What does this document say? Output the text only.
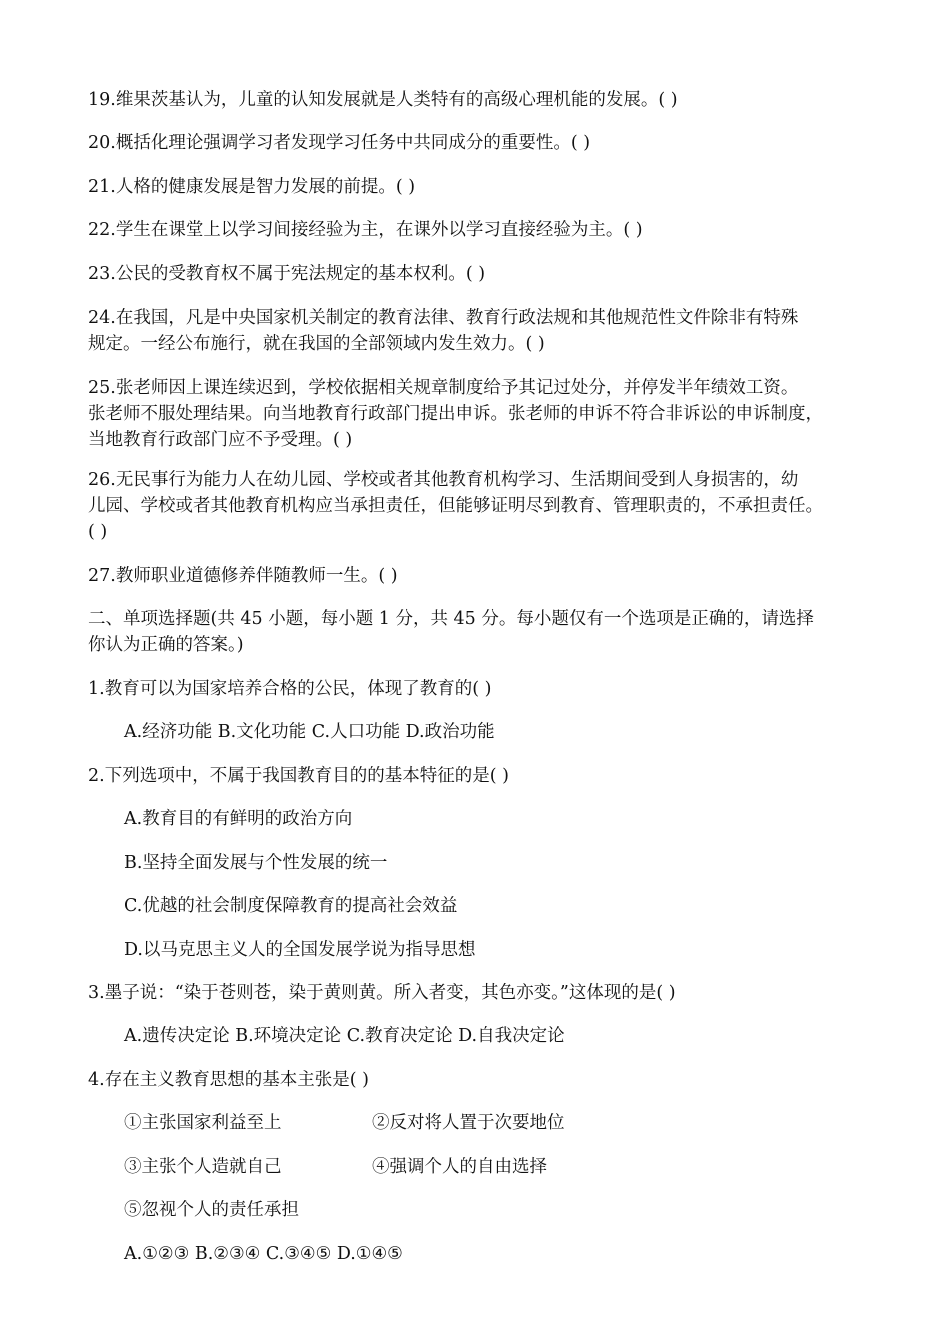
19.维果茨基认为，儿童的认知发展就是人类特有的高级心理机能的发展。( )

20.概括化理论强调学习者发现学习任务中共同成分的重要性。( )

21.人格的健康发展是智力发展的前提。( )

22.学生在课堂上以学习间接经验为主，在课外以学习直接经验为主。( )

23.公民的受教育权不属于宪法规定的基本权利。( )

24.在我国，凡是中央国家机关制定的教育法律、教育行政法规和其他规范性文件除非有特殊
规定。一经公布施行，就在我国的全部领域内发生效力。( )
25.张老师因上课连续迟到，学校依据相关规章制度给予其记过处分，并停发半年绩效工资。
张老师不服处理结果。向当地教育行政部门提出申诉。张老师的申诉不符合非诉讼的申诉制度，
当地教育行政部门应不予受理。( )
26.无民事行为能力人在幼儿园、学校或者其他教育机构学习、生活期间受到人身损害的，幼
儿园、学校或者其他教育机构应当承担责任，但能够证明尽到教育、管理职责的，不承担责任。
( )

27.教师职业道德修养伴随教师一生。( )

二、单项选择题(共 45 小题，每小题 1 分，共 45 分。每小题仅有一个选项是正确的，请选择
你认为正确的答案。)

1.教育可以为国家培养合格的公民，体现了教育的( )

A.经济功能 B.文化功能 C.人口功能 D.政治功能

2.下列选项中，不属于我国教育目的的基本特征的是( )

A.教育目的有鲜明的政治方向

B.坚持全面发展与个性发展的统一

C.优越的社会制度保障教育的提高社会效益

D.以马克思主义人的全国发展学说为指导思想

3.墨子说：“染于苍则苍，染于黄则黄。所入者变，其色亦变。”这体现的是( )

A.遗传决定论 B.环境决定论 C.教育决定论 D.自我决定论

4.存在主义教育思想的基本主张是( )

①主张国家利益至上	②反对将人置于次要地位

③主张个人造就自己	④强调个人的自由选择

⑤忽视个人的责任承担

A.①②③ B.②③④ C.③④⑤ D.①④⑤
